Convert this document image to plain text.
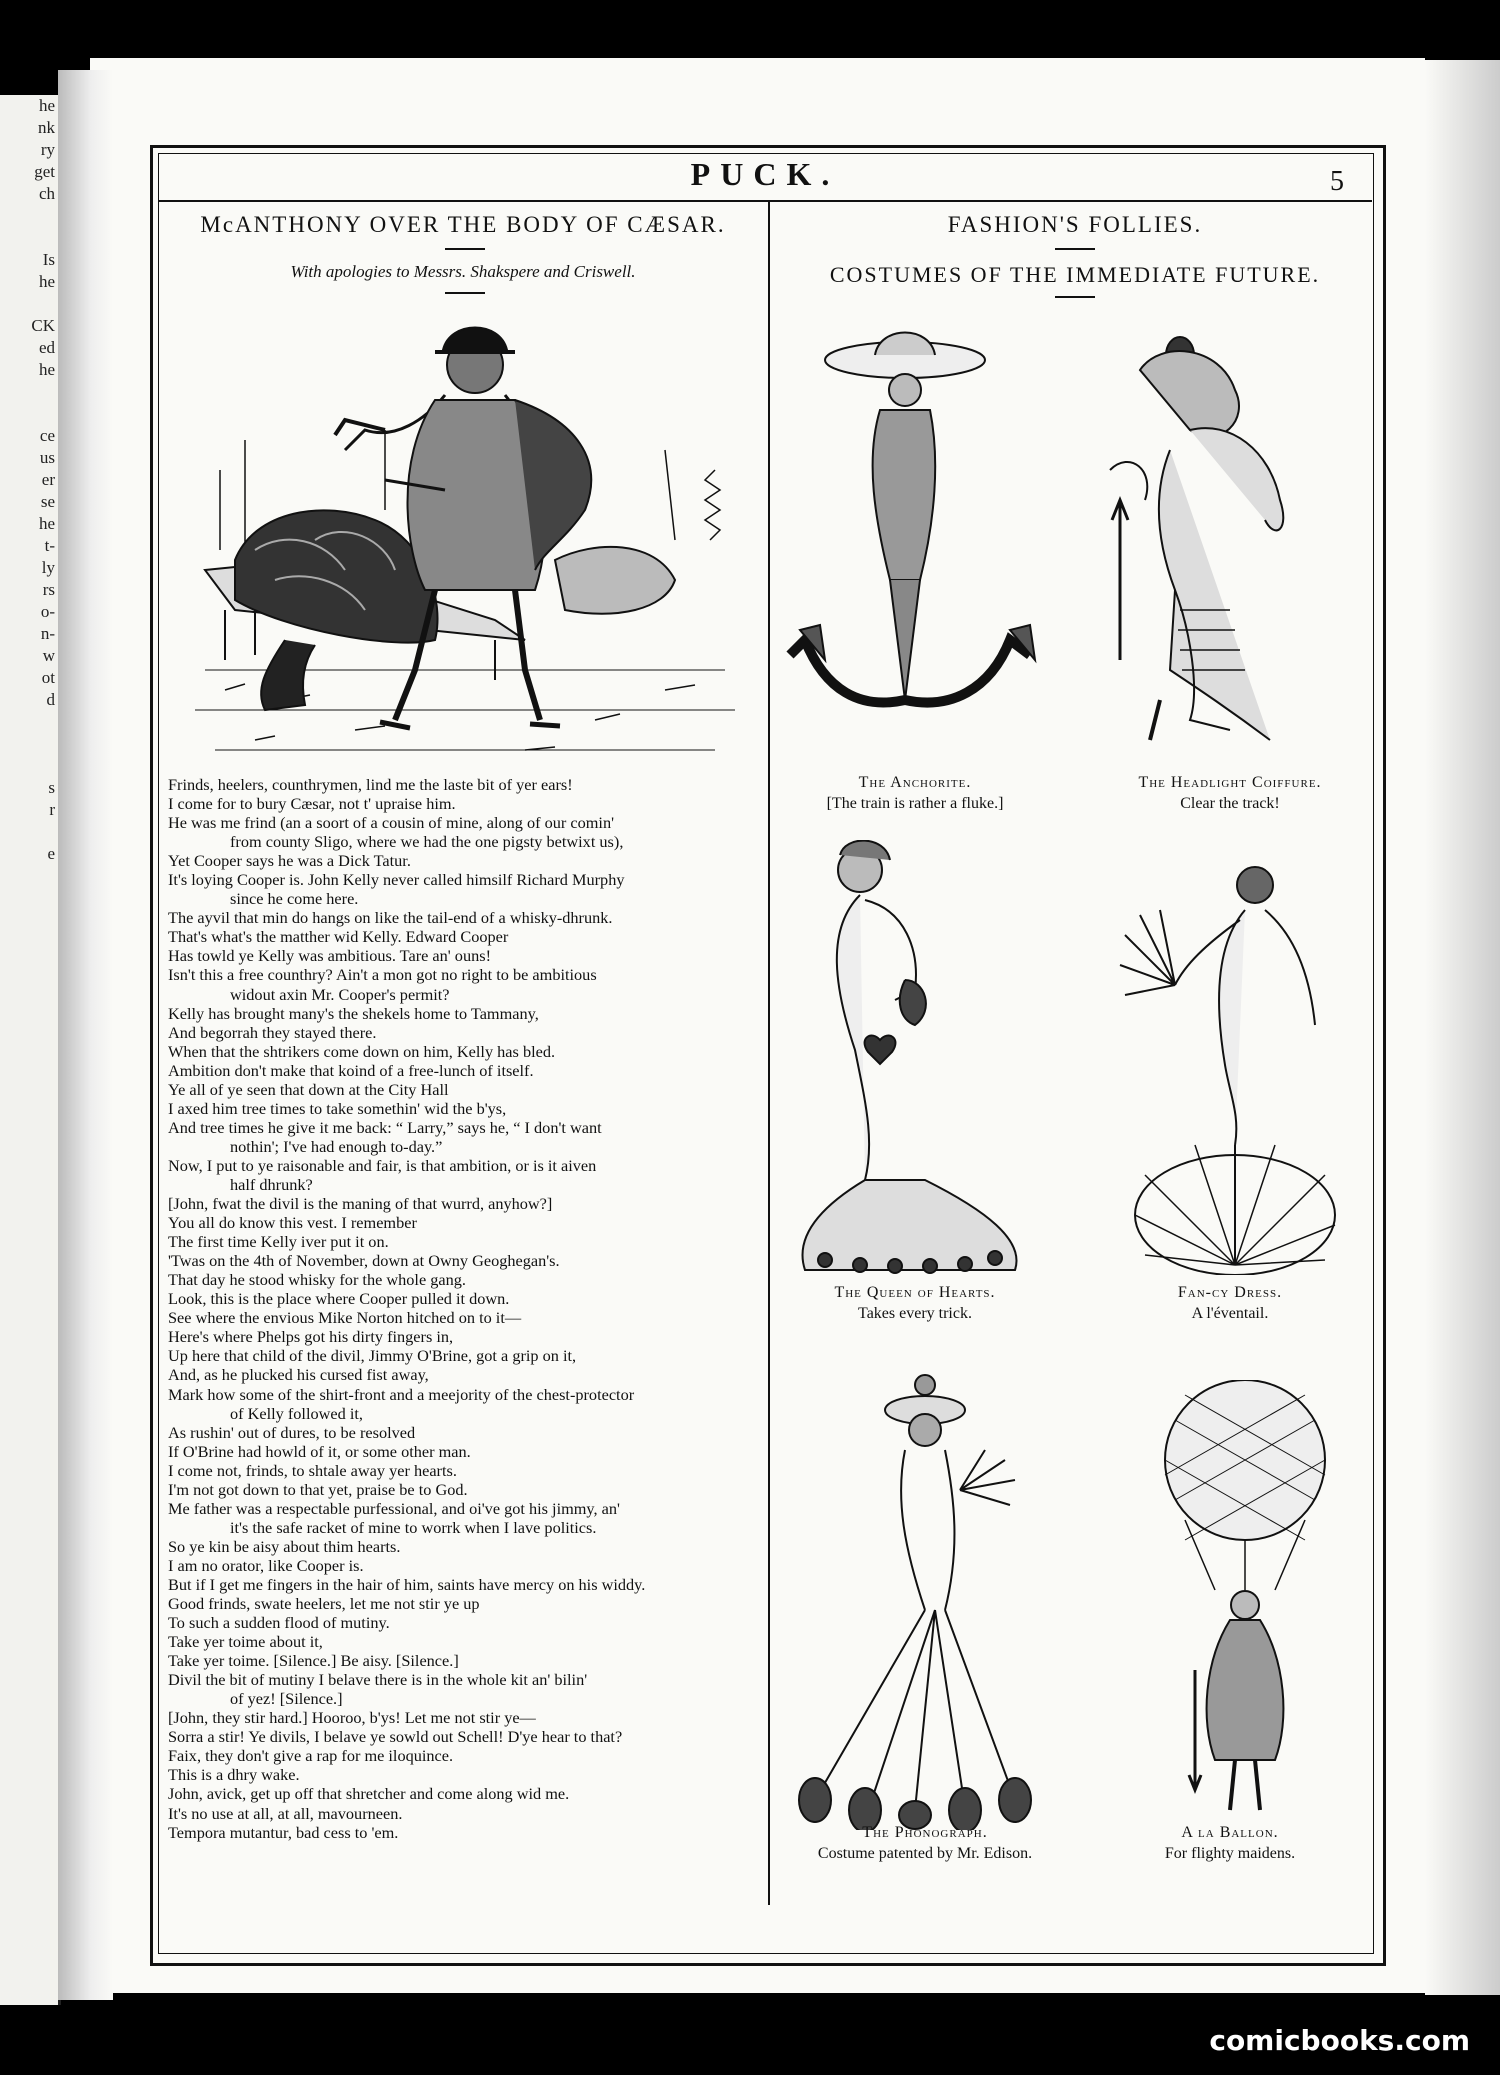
he
nk
ry
get
ch

Is
he

CK
ed
he

ce
us
er
se
he
t-
ly
rs
o-
n-
w
ot
d

s
r

e
PUCK.	5
McANTHONY OVER THE BODY OF CÆSAR.
With apologies to Messrs. Shakspere and Criswell.
Frinds, heelers, counthrymen, lind me the laste bit of yer ears!
I come for to bury Cæsar, not t' upraise him.
He was me frind (an a soort of a cousin of mine, along of our comin'
from county Sligo, where we had the one pigsty betwixt us),
Yet Cooper says he was a Dick Tatur.
It's loying Cooper is. John Kelly never called himsilf Richard Murphy
since he come here.
The ayvil that min do hangs on like the tail-end of a whisky-dhrunk.
That's what's the matther wid Kelly. Edward Cooper
Has towld ye Kelly was ambitious. Tare an' ouns!
Isn't this a free counthry? Ain't a mon got no right to be ambitious
widout axin Mr. Cooper's permit?
Kelly has brought many's the shekels home to Tammany,
And begorrah they stayed there.
When that the shtrikers come down on him, Kelly has bled.
Ambition don't make that koind of a free-lunch of itself.
Ye all of ye seen that down at the City Hall
I axed him tree times to take somethin' wid the b'ys,
And tree times he give it me back: “ Larry,” says he, “ I don't want
nothin'; I've had enough to-day.”
Now, I put to ye raisonable and fair, is that ambition, or is it aiven
half dhrunk?
[John, fwat the divil is the maning of that wurrd, anyhow?]
You all do know this vest. I remember
The first time Kelly iver put it on.
'Twas on the 4th of November, down at Owny Geoghegan's.
That day he stood whisky for the whole gang.
Look, this is the place where Cooper pulled it down.
See where the envious Mike Norton hitched on to it—
Here's where Phelps got his dirty fingers in,
Up here that child of the divil, Jimmy O'Brine, got a grip on it,
And, as he plucked his cursed fist away,
Mark how some of the shirt-front and a meejority of the chest-protector
of Kelly followed it,
As rushin' out of dures, to be resolved
If O'Brine had howld of it, or some other man.
I come not, frinds, to shtale away yer hearts.
I'm not got down to that yet, praise be to God.
Me father was a respectable purfessional, and oi've got his jimmy, an'
it's the safe racket of mine to worrk when I lave politics.
So ye kin be aisy about thim hearts.
I am no orator, like Cooper is.
But if I get me fingers in the hair of him, saints have mercy on his widdy.
Good frinds, swate heelers, let me not stir ye up
To such a sudden flood of mutiny.
Take yer toime about it,
Take yer toime. [Silence.] Be aisy. [Silence.]
Divil the bit of mutiny I belave there is in the whole kit an' bilin'
of yez! [Silence.]
[John, they stir hard.] Hooroo, b'ys! Let me not stir ye—
Sorra a stir! Ye divils, I belave ye sowld out Schell! D'ye hear to that?
Faix, they don't give a rap for me iloquince.
This is a dhry wake.
John, avick, get up off that shretcher and come along wid me.
It's no use at all, at all, mavourneen.
Tempora mutantur, bad cess to 'em.
FASHION'S FOLLIES.
COSTUMES OF THE IMMEDIATE FUTURE.
The Anchorite.
[The train is rather a fluke.]
The Headlight Coiffure.
Clear the track!
The Queen of Hearts.
Takes every trick.
Fan-cy Dress.
A l'éventail.
The Phonograph.
Costume patented by Mr. Edison.
A la Ballon.
For flighty maidens.
comicbooks.com
